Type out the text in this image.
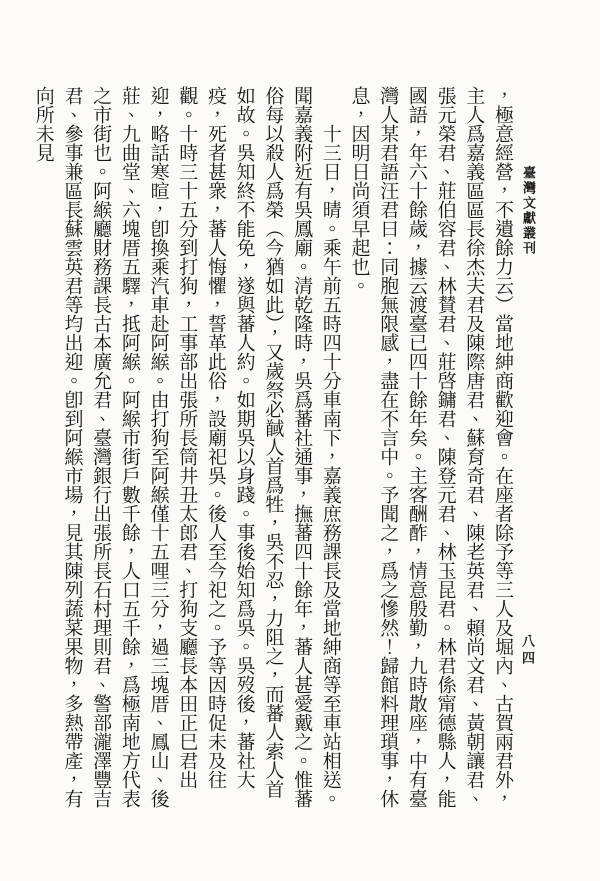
臺灣文獻叢刊
八四

，極意經營，不遺餘力云）當地紳商歡迎會。在座者除予等三人及堀內、古賀兩君外，主人爲嘉義區區長徐杰夫君及陳際唐君、蘇育奇君、陳老英君、賴尚文君、黃朝讓君、張元榮君、莊伯容君、林賛君、莊啓鏞君、陳登元君、林玉昆君。林君係甯德縣人，能國語，年六十餘歲，據云渡臺已四十餘年矣。主客酬酢，情意殷勤，九時散座，中有臺灣人某君語汪君曰：同胞無限感，盡在不言中。予聞之，爲之慘然！歸館料理瑣事，休息，因明日尚須早起也。

十三日，晴。乘午前五時四十分車南下，嘉義庶務課長及當地紳商等至車站相送。聞嘉義附近有吳鳳廟。清乾隆時，吳爲蕃社通事，撫蕃四十餘年，蕃人甚愛戴之。惟蕃俗每以殺人爲榮（今猶如此），又歲祭必馘人首爲牲，吳不忍，力阻之，而蕃人索人首如故。吳知終不能免，遂與蕃人約。如期吳以身踐。事後始知爲吳。吳歿後，蕃社大疫，死者甚衆，蕃人悔懼，誓革此俗，設廟祀吳。後人至今祀之。予等因時促未及往觀。十時三十五分到打狗，工事部出張所長筒井丑太郎君、打狗支廳長本田正巳君出迎，略話寒暄，卽換乘汽車赴阿緱。由打狗至阿緱僅十五哩三分，過三塊厝、鳳山、後莊、九曲堂、六塊厝五驛，抵阿緱。阿緱市街戶數千餘，人口五千餘，爲極南地方代表之市街也。阿緱廳財務課長古本廣允君、臺灣銀行出張所長石村理則君、警部瀧澤豐吉君、參事兼區長蘇雲英君等均出迎。卽到阿緱市場，見其陳列蔬菜果物，多熱帶產，有向所未見
